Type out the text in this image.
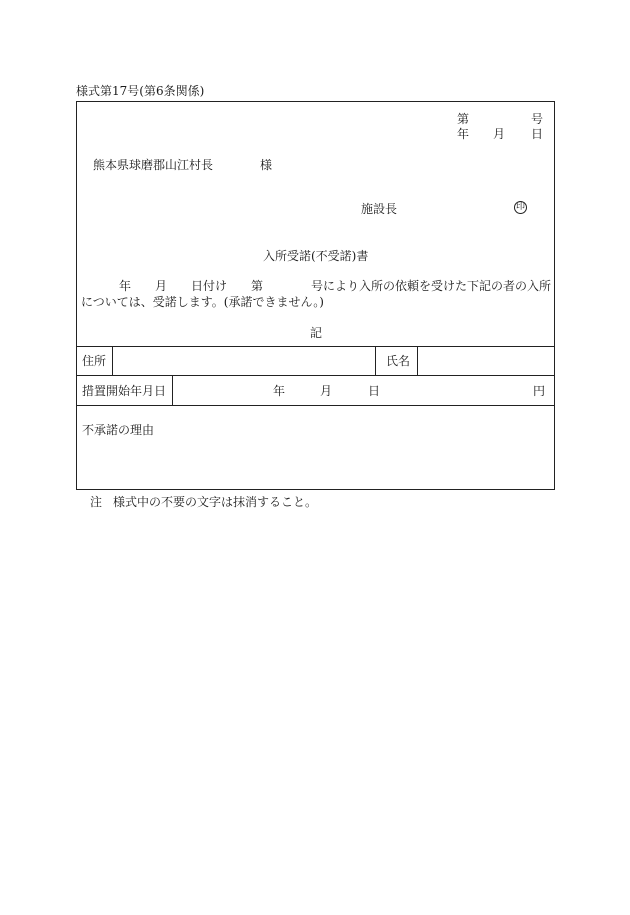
様式第17号(第6条関係)
第	号
年 月 日
熊本県球磨郡山江村長	様
施設長	印
入所受諾(不受諾)書
年 月 日付け 第	号により入所の依頼を受けた下記の者の入所
については、受諾します。(承諾できません。)
記
住所	氏名
措置開始年月日	年	月	日	円
不承諾の理由
注 様式中の不要の文字は抹消すること。
